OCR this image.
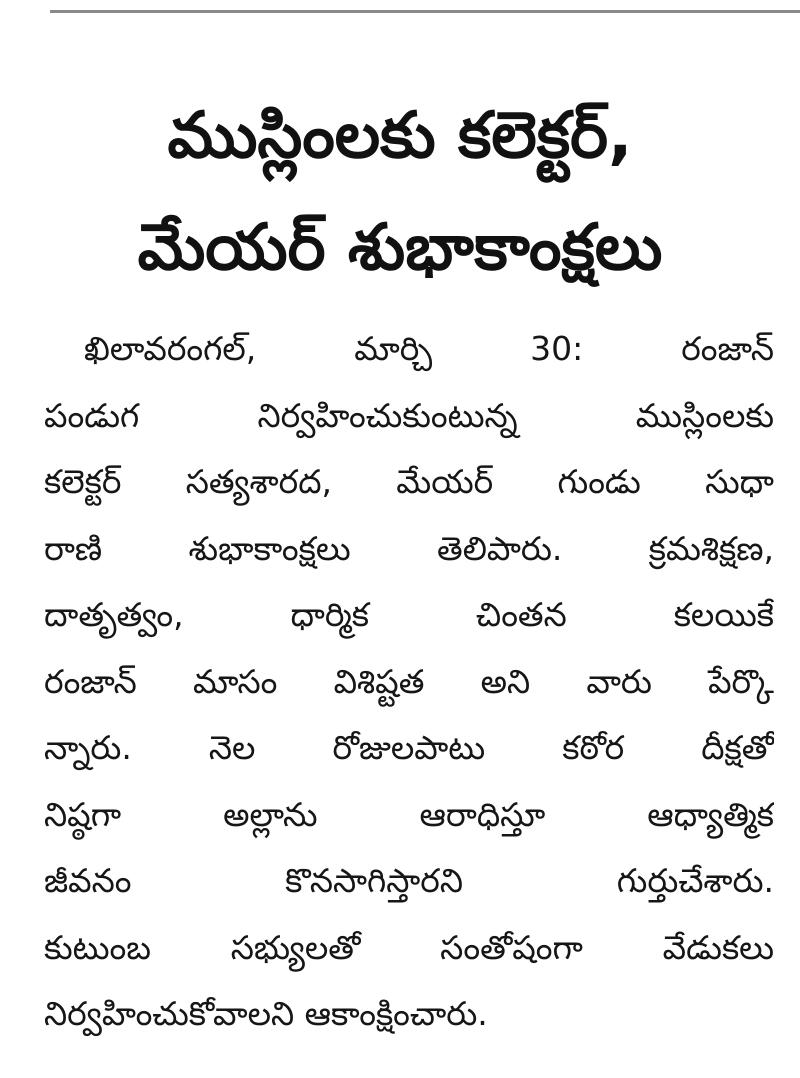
ముస్లింలకు కలెక్టర్,
మేయర్ శుభాకాంక్షలు
ఖిలావరంగల్, మార్చి 30: రంజాన్
పండుగ నిర్వహించుకుంటున్న ముస్లింలకు
కలెక్టర్ సత్యశారద, మేయర్ గుండు సుధా
రాణి శుభాకాంక్షలు తెలిపారు. క్రమశిక్షణ,
దాతృత్వం, ధార్మిక చింతన కలయికే
రంజాన్ మాసం విశిష్టత అని వారు పేర్కొ
న్నారు. నెల రోజులపాటు కఠోర దీక్షతో
నిష్ఠగా అల్లాను ఆరాధిస్తూ ఆధ్యాత్మిక
జీవనం కొనసాగిస్తారని గుర్తుచేశారు.
కుటుంబ సభ్యులతో సంతోషంగా వేడుకలు
నిర్వహించుకోవాలని ఆకాంక్షించారు.
